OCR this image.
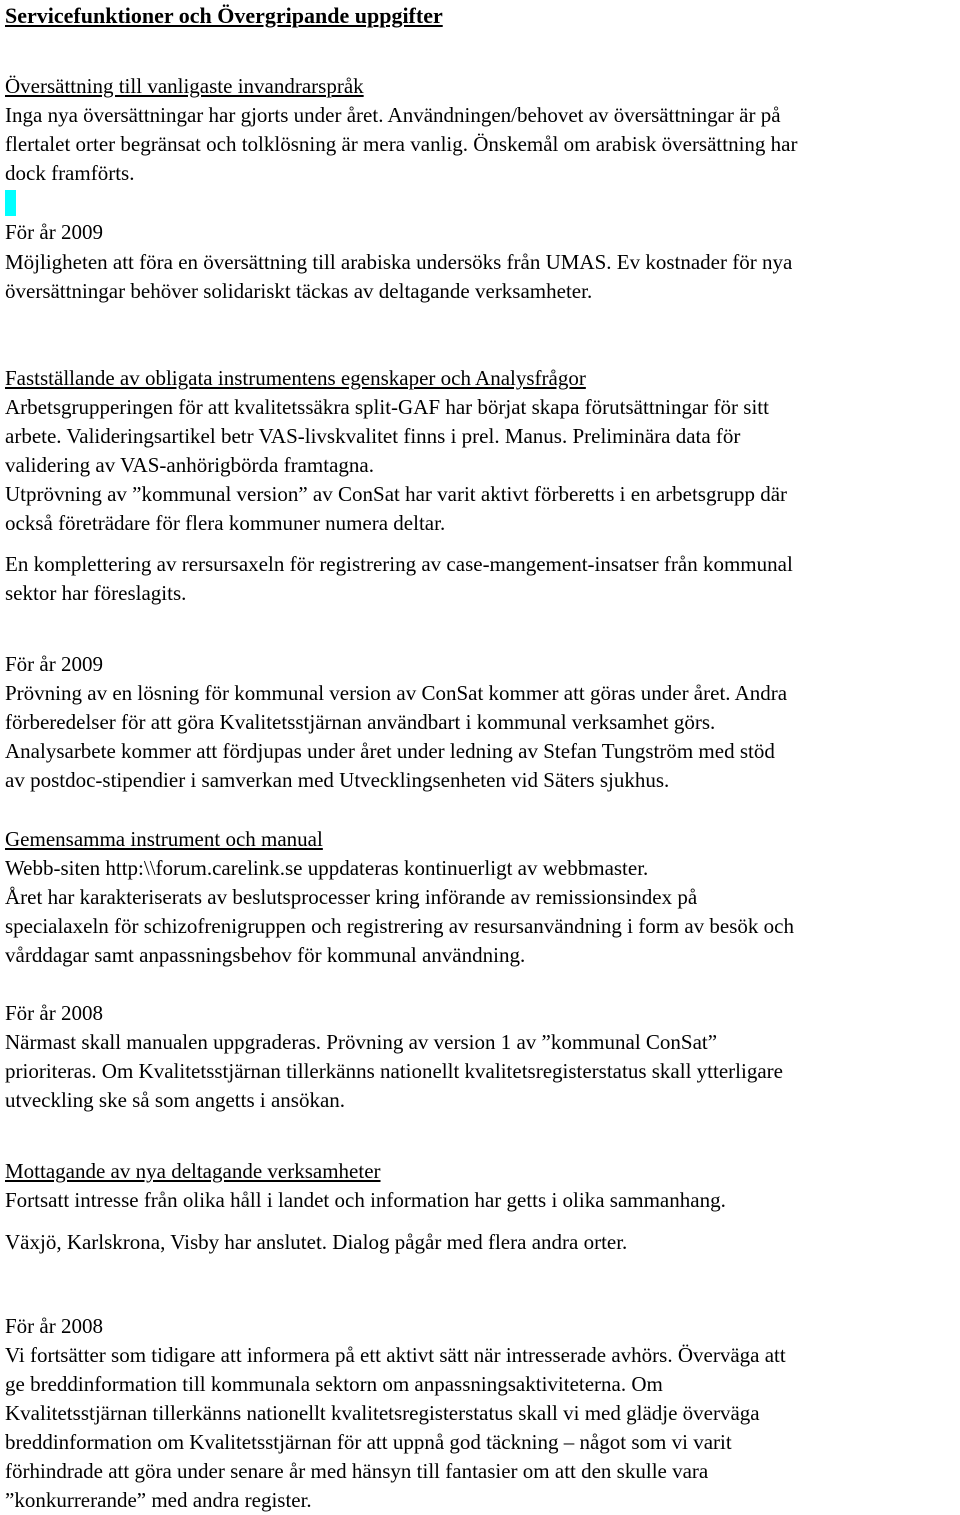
Servicefunktioner och Övergripande uppgifter
Översättning till vanligaste invandrarspråk
Inga nya översättningar har gjorts under året. Användningen/behovet av översättningar är på
flertalet orter begränsat och tolklösning är mera vanlig. Önskemål om arabisk översättning har
dock framförts.
För år 2009
Möjligheten att föra en översättning till arabiska undersöks från UMAS. Ev kostnader för nya
översättningar behöver solidariskt täckas av deltagande verksamheter.
Fastställande av obligata instrumentens egenskaper och Analysfrågor
Arbetsgrupperingen för att kvalitetssäkra split-GAF har börjat skapa förutsättningar för sitt
arbete. Valideringsartikel betr VAS-livskvalitet finns i prel. Manus. Preliminära data för
validering av VAS-anhörigbörda framtagna.
Utprövning av ”kommunal version” av ConSat har varit aktivt förberetts i en arbetsgrupp där
också företrädare för flera kommuner numera deltar.
En komplettering av rersursaxeln för registrering av case-mangement-insatser från kommunal
sektor har föreslagits.
För år 2009
Prövning av en lösning för kommunal version av ConSat kommer att göras under året. Andra
förberedelser för att göra Kvalitetsstjärnan användbart i kommunal verksamhet görs.
Analysarbete kommer att fördjupas under året under ledning av Stefan Tungström med stöd
av postdoc-stipendier i samverkan med Utvecklingsenheten vid Säters sjukhus.
Gemensamma instrument och manual
Webb-siten http:\\forum.carelink.se uppdateras kontinuerligt av webbmaster.
Året har karakteriserats av beslutsprocesser kring införande av remissionsindex på
specialaxeln för schizofrenigruppen och registrering av resursanvändning i form av besök och
vårddagar samt anpassningsbehov för kommunal användning.
För år 2008
Närmast skall manualen uppgraderas. Prövning av version 1 av ”kommunal ConSat”
prioriteras. Om Kvalitetsstjärnan tillerkänns nationellt kvalitetsregisterstatus skall ytterligare
utveckling ske så som angetts i ansökan.
Mottagande av nya deltagande verksamheter
Fortsatt intresse från olika håll i landet och information har getts i olika sammanhang.
Växjö, Karlskrona, Visby har anslutet. Dialog pågår med flera andra orter.
För år 2008
Vi fortsätter som tidigare att informera på ett aktivt sätt när intresserade avhörs. Överväga att
ge breddinformation till kommunala sektorn om anpassningsaktiviteterna. Om
Kvalitetsstjärnan tillerkänns nationellt kvalitetsregisterstatus skall vi med glädje överväga
breddinformation om Kvalitetsstjärnan för att uppnå god täckning – något som vi varit
förhindrade att göra under senare år med hänsyn till fantasier om att den skulle vara
”konkurrerande” med andra register.
